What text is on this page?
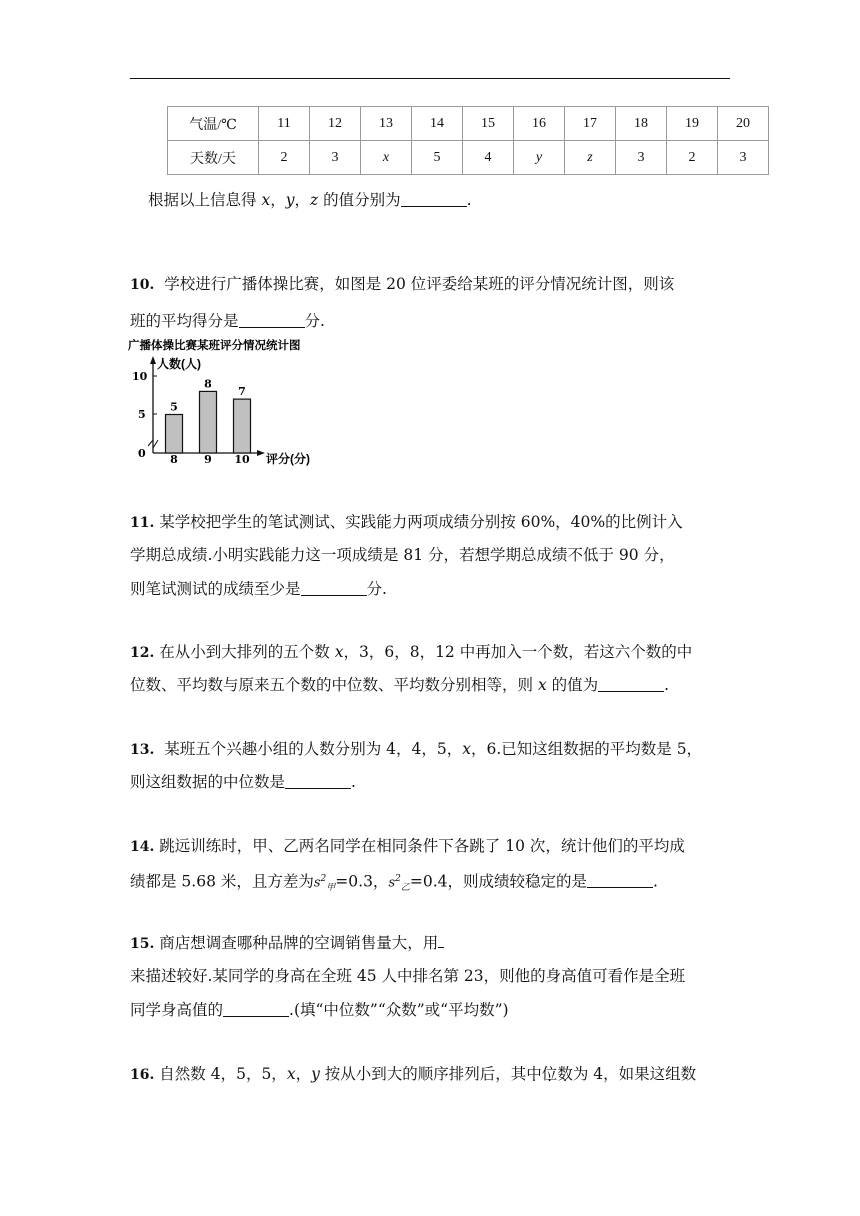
气温/℃	11	12	13	14	15	16	17	18	19	20
天数/天	2	3	x	5	4	y	z	3	2	3
根据以上信息得 x，y，z 的值分别为	.
10. 学校进行广播体操比赛，如图是 20 位评委给某班的评分情况统计图，则该
班的平均得分是	分.
广播体操比赛某班评分情况统计图
人数(人)
评分(分)
0
5
10
5
8
8
9
7
10
11. 某学校把学生的笔试测试、实践能力两项成绩分别按 60%，40%的比例计入
学期总成绩.小明实践能力这一项成绩是 81 分，若想学期总成绩不低于 90 分，
则笔试测试的成绩至少是	分.
12. 在从小到大排列的五个数 x，3，6，8，12 中再加入一个数，若这六个数的中
位数、平均数与原来五个数的中位数、平均数分别相等，则 x 的值为	.
13. 某班五个兴趣小组的人数分别为 4，4，5，x，6.已知这组数据的平均数是 5，
则这组数据的中位数是	.
14. 跳远训练时，甲、乙两名同学在相同条件下各跳了 10 次，统计他们的平均成
绩都是 5.68 米，且方差为$s^2_甲=0.3$，$s^2_乙=0.4$，则成绩较稳定的是	.
15. 商店想调查哪种品牌的空调销售量大，用
来描述较好.某同学的身高在全班 45 人中排名第 23，则他的身高值可看作是全班
同学身高值的	.(填“中位数”“众数”或“平均数”)
16. 自然数 4，5，5，x，y 按从小到大的顺序排列后，其中位数为 4，如果这组数
